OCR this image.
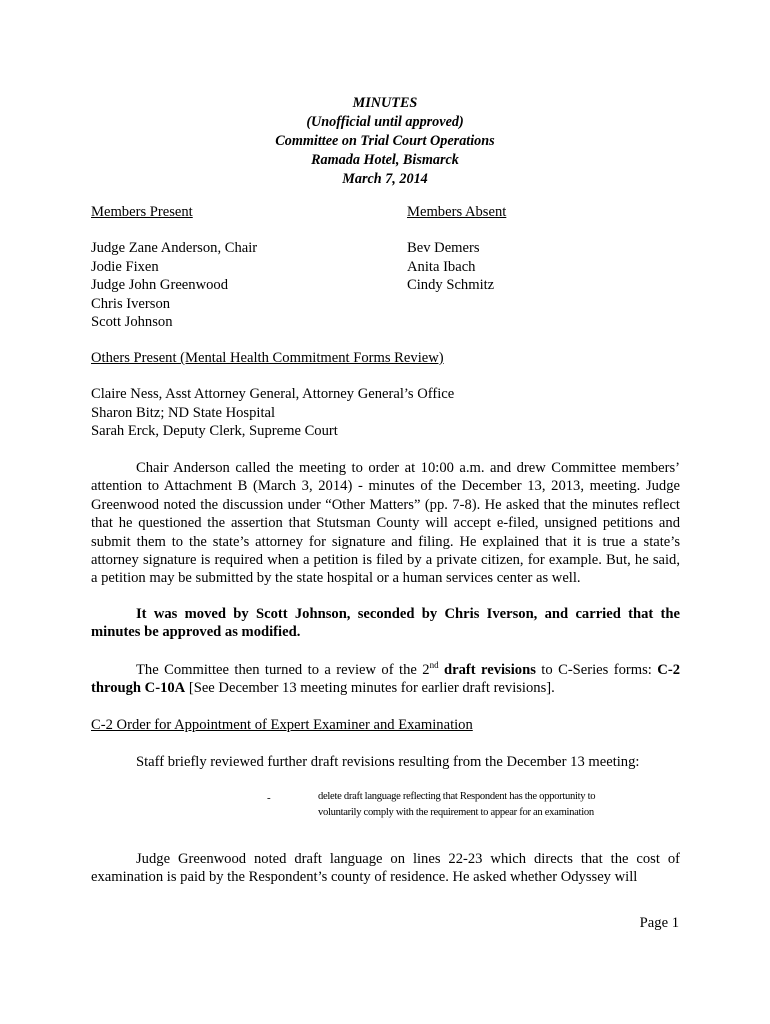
MINUTES
(Unofficial until approved)
Committee on Trial Court Operations
Ramada Hotel, Bismarck
March 7, 2014
Members Present
Judge Zane Anderson, Chair
Jodie Fixen
Judge John Greenwood
Chris Iverson
Scott Johnson
Members Absent
Bev Demers
Anita Ibach
Cindy Schmitz
Others Present (Mental Health Commitment Forms Review)
Claire Ness, Asst Attorney General, Attorney General’s Office
Sharon Bitz; ND State Hospital
Sarah Erck, Deputy Clerk, Supreme Court
Chair Anderson called the meeting to order at 10:00 a.m. and drew Committee members’ attention to Attachment B (March 3, 2014) - minutes of the December 13, 2013, meeting. Judge Greenwood noted the discussion under “Other Matters” (pp. 7-8). He asked that the minutes reflect that he questioned the assertion that Stutsman County will accept e-filed, unsigned petitions and submit them to the state’s attorney for signature and filing. He explained that it is true a state’s attorney signature is required when a petition is filed by a private citizen, for example. But, he said, a petition may be submitted by the state hospital or a human services center as well.
It was moved by Scott Johnson, seconded by Chris Iverson, and carried that the minutes be approved as modified.
The Committee then turned to a review of the 2nd draft revisions to C-Series forms: C-2 through C-10A [See December 13 meeting minutes for earlier draft revisions].
C-2 Order for Appointment of Expert Examiner and Examination
Staff briefly reviewed further draft revisions resulting from the December 13 meeting:
-	delete draft language reflecting that Respondent has the opportunity to voluntarily comply with the requirement to appear for an examination
Judge Greenwood noted draft language on lines 22-23 which directs that the cost of examination is paid by the Respondent’s county of residence. He asked whether Odyssey will
Page 1
